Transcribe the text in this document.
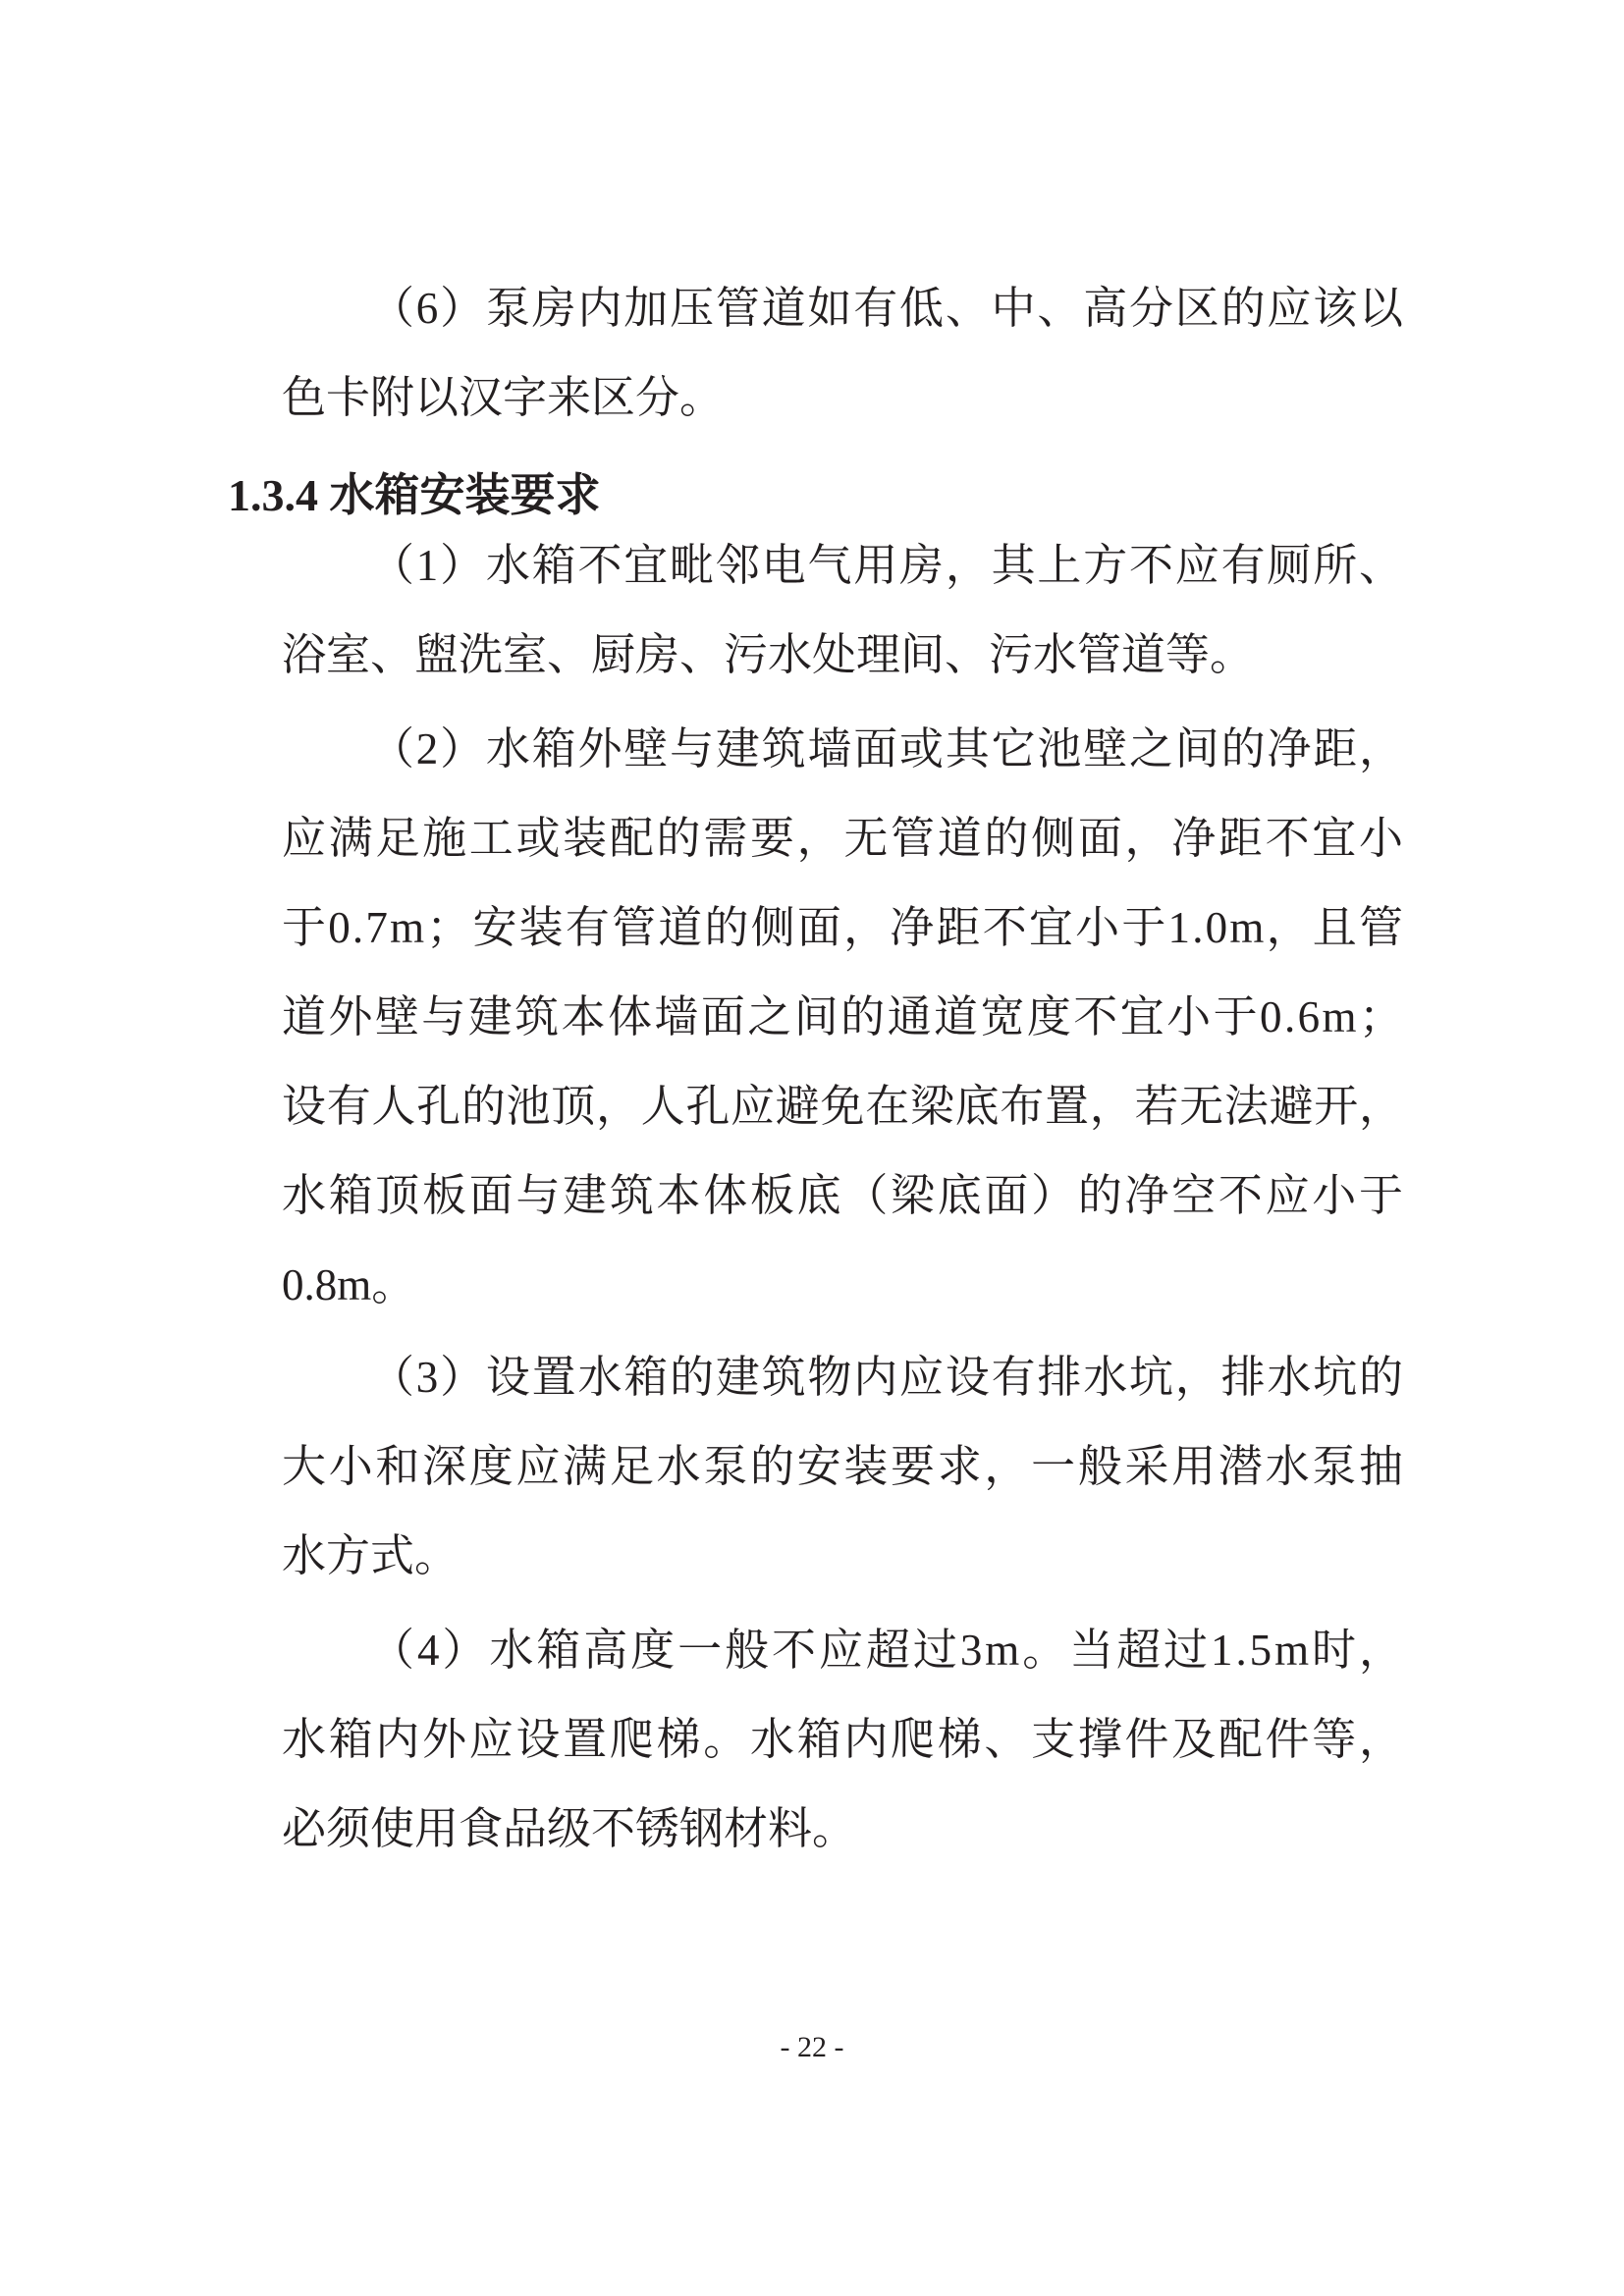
（6）泵房内加压管道如有低、中、高分区的应该以
色卡附以汉字来区分。
1.3.4 水箱安装要求
（1）水箱不宜毗邻电气用房，其上方不应有厕所、
浴室、盥洗室、厨房、污水处理间、污水管道等。
（2）水箱外壁与建筑墙面或其它池壁之间的净距，
应满足施工或装配的需要，无管道的侧面，净距不宜小
于0.7m；安装有管道的侧面，净距不宜小于1.0m，且管
道外壁与建筑本体墙面之间的通道宽度不宜小于0.6m；
设有人孔的池顶，人孔应避免在梁底布置，若无法避开，
水箱顶板面与建筑本体板底（梁底面）的净空不应小于
0.8m。
（3）设置水箱的建筑物内应设有排水坑，排水坑的
大小和深度应满足水泵的安装要求，一般采用潜水泵抽
水方式。
（4）水箱高度一般不应超过3m。当超过1.5m时，
水箱内外应设置爬梯。水箱内爬梯、支撑件及配件等，
必须使用食品级不锈钢材料。
- 22 -
